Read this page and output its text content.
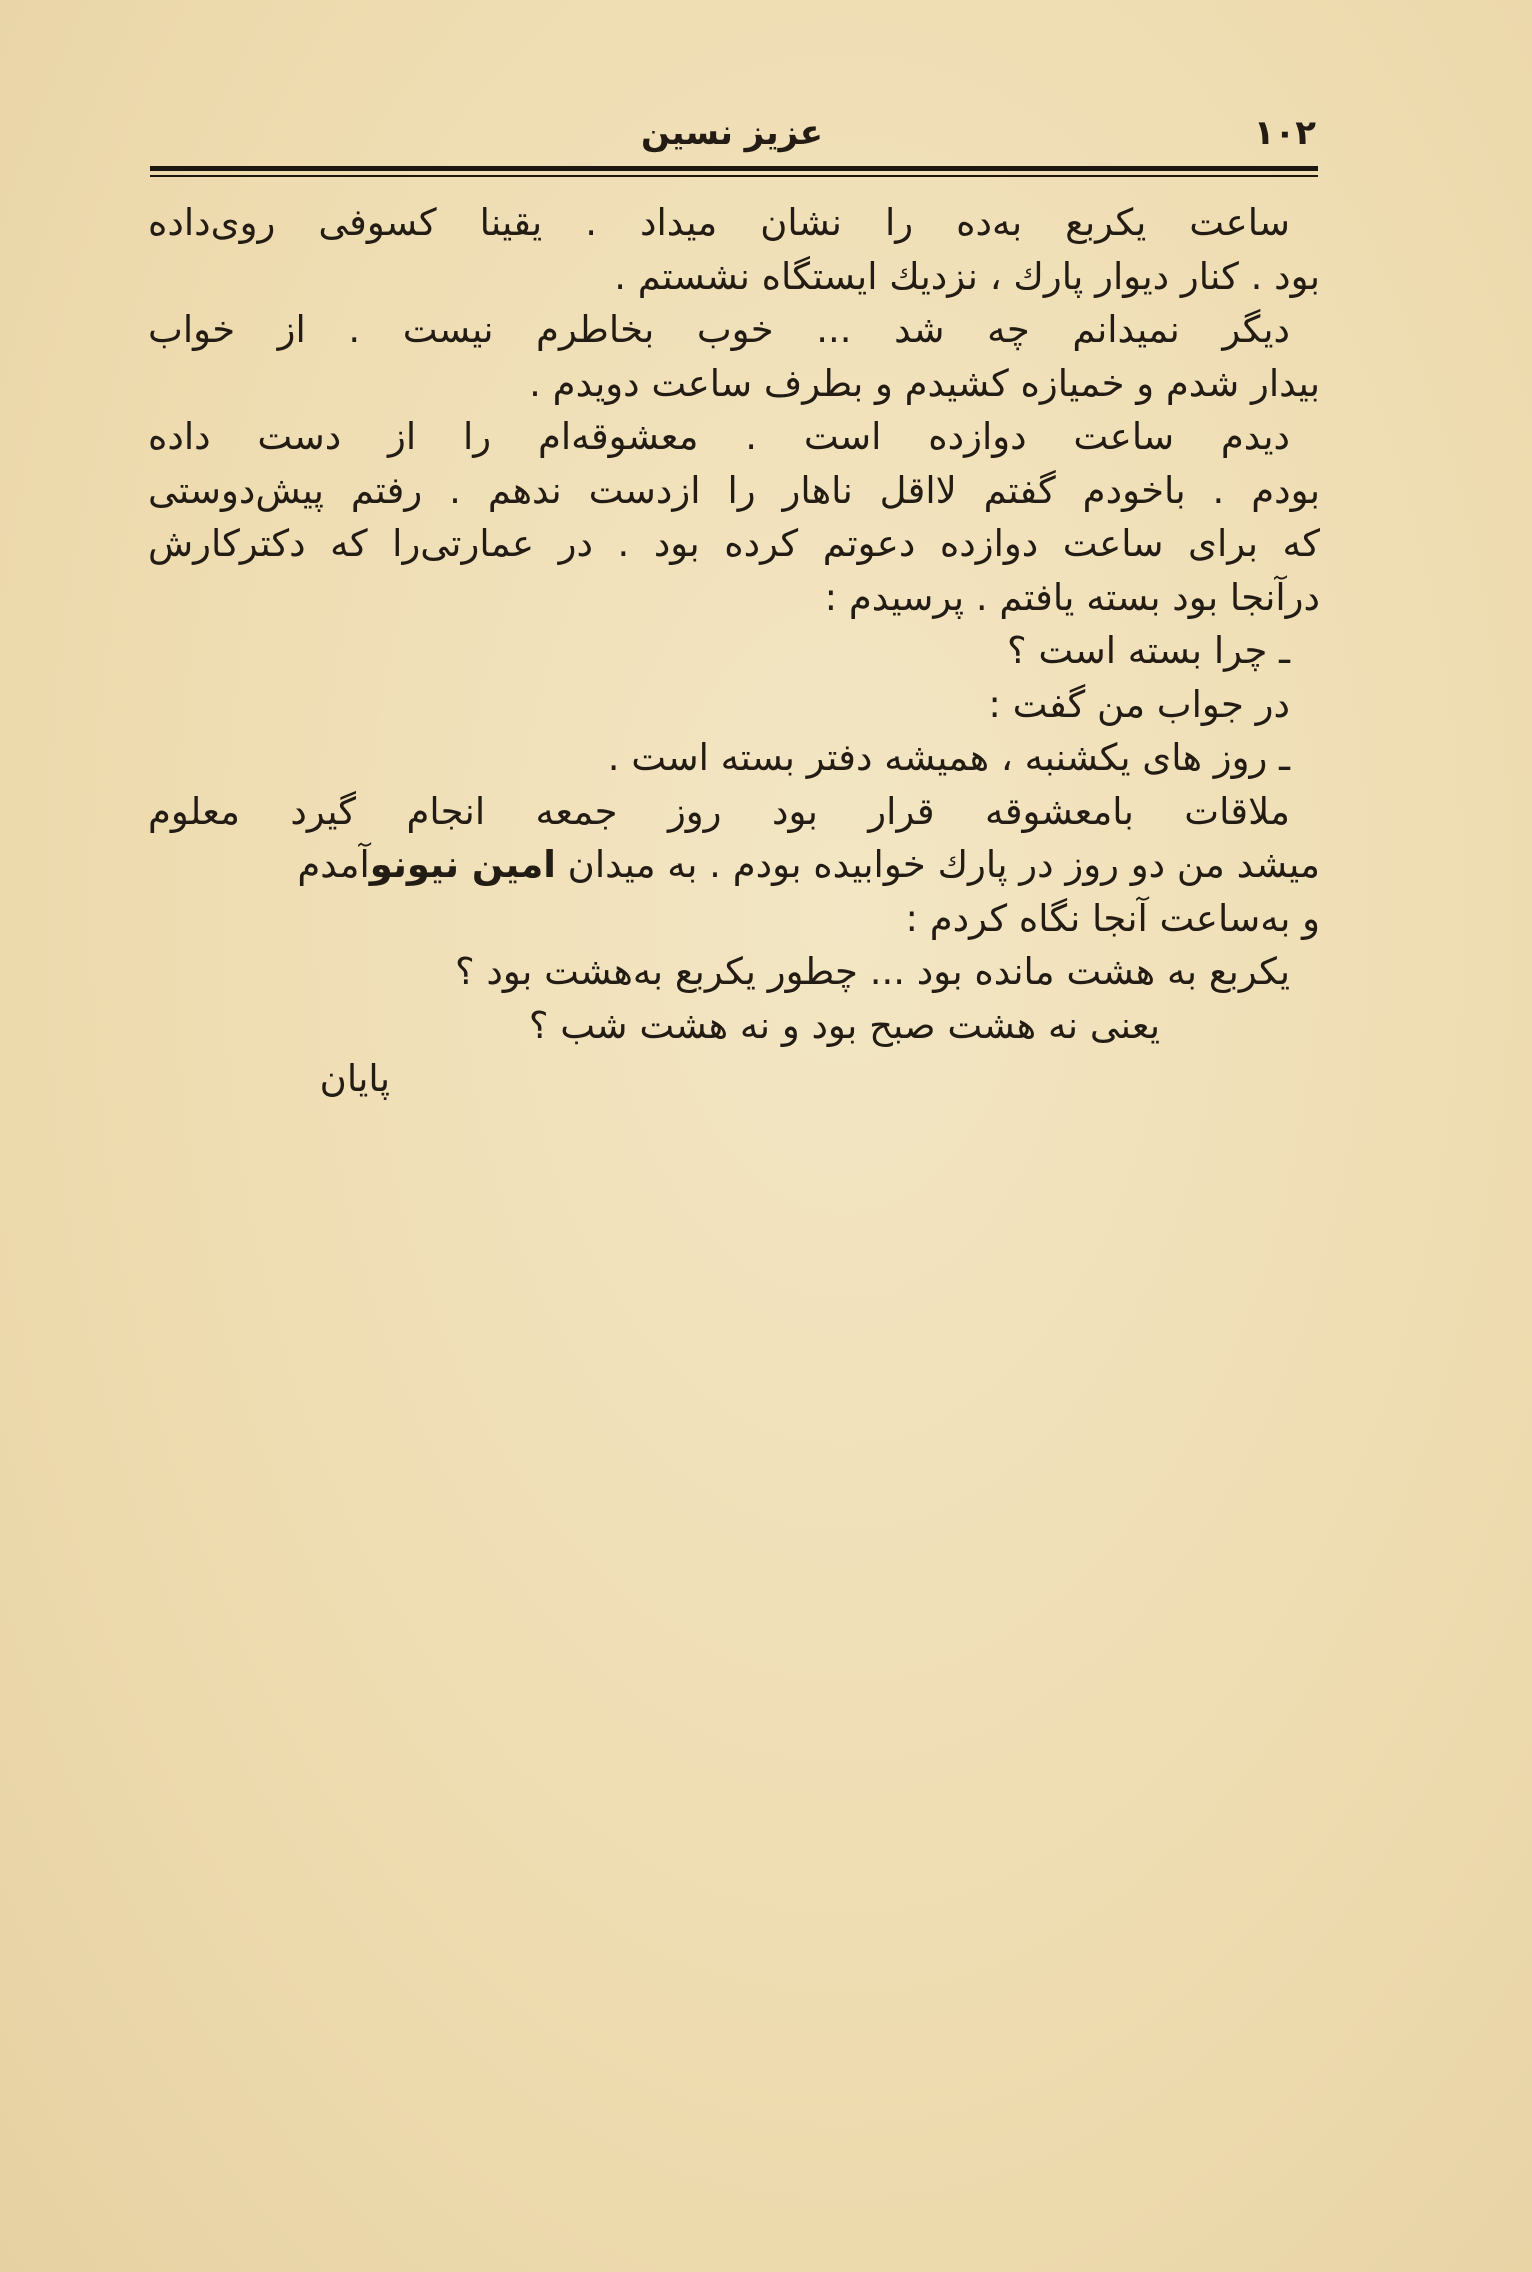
۱۰۲
عزیز نسین
ساعت یکربع به‌ده را نشان میداد . یقینا کسوفی روی‌داده
بود . کنار دیوار پارك ، نزدیك ایستگاه نشستم .
دیگر نمیدانم چه شد ... خوب بخاطرم نیست . از خواب
بیدار شدم و خمیازه کشیدم و بطرف ساعت دویدم .
دیدم ساعت دوازده است . معشوقه‌ام را از دست داده
بودم . باخودم گفتم لااقل ناهار را ازدست ندهم . رفتم پیش‌دوستی
که برای ساعت دوازده دعوتم کرده بود . در عمارتی‌را که دکترکارش
درآنجا بود بسته یافتم . پرسیدم :
ـ چرا بسته است ؟
در جواب من گفت :
ـ روز های یکشنبه ، همیشه دفتر بسته است .
ملاقات بامعشوقه قرار بود روز جمعه انجام گیرد معلوم
میشد من دو روز در پارك خوابیده بودم . به میدان امین نیونوآمدم
و به‌ساعت آنجا نگاه کردم :
یکربع به هشت مانده بود ... چطور یکربع به‌هشت بود ؟
یعنی نه هشت صبح بود و نه هشت شب ؟
پایان
